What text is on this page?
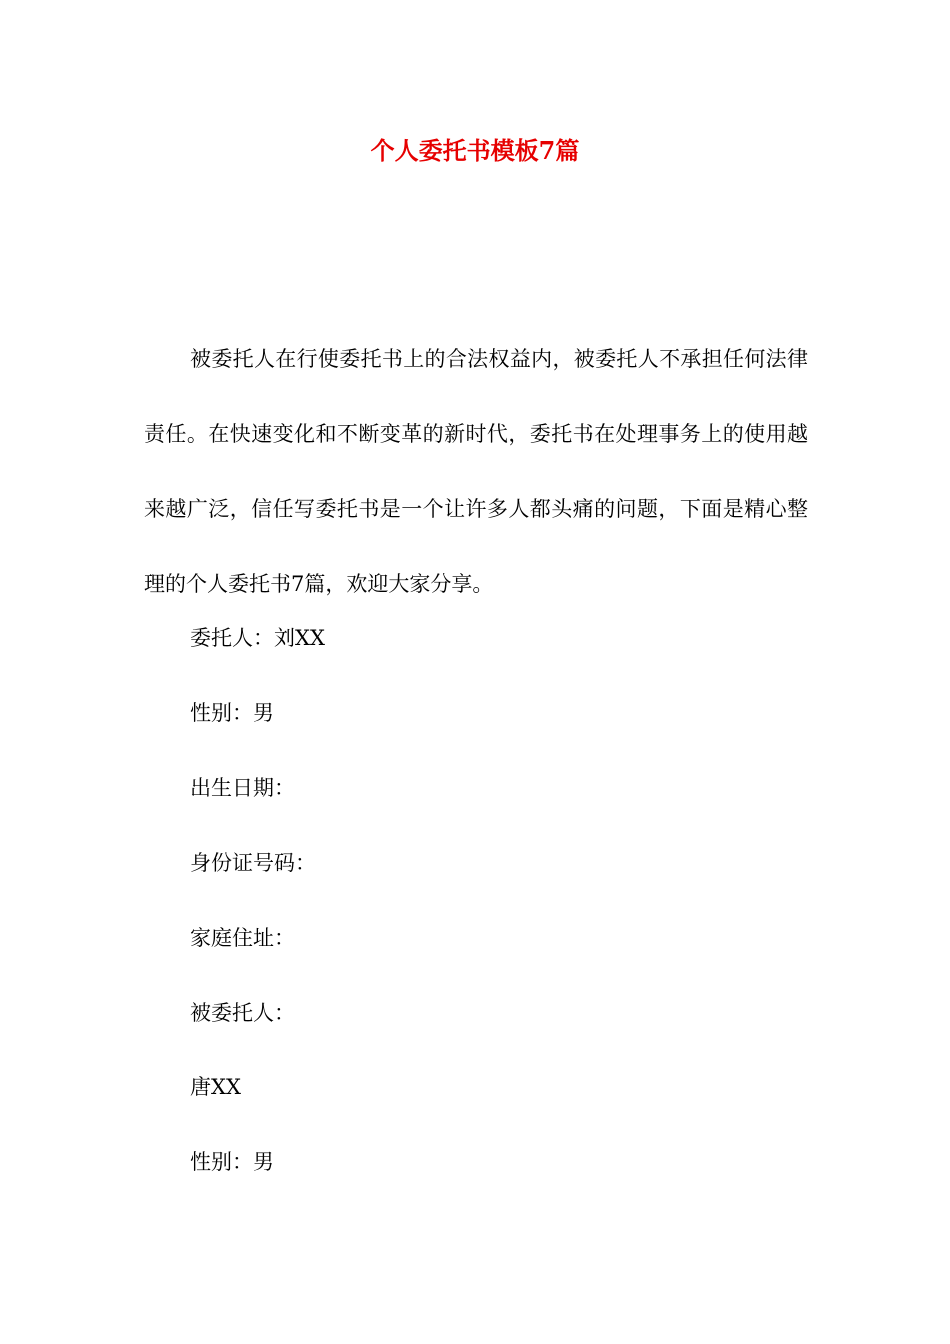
个人委托书模板7篇

被委托人在行使委托书上的合法权益内，被委托人不承担任何法律责任。在快速变化和不断变革的新时代，委托书在处理事务上的使用越来越广泛，信任写委托书是一个让许多人都头痛的问题，下面是精心整理的个人委托书7篇，欢迎大家分享。

委托人：刘XX

性别：男

出生日期：

身份证号码：

家庭住址：

被委托人：

唐XX

性别：男
